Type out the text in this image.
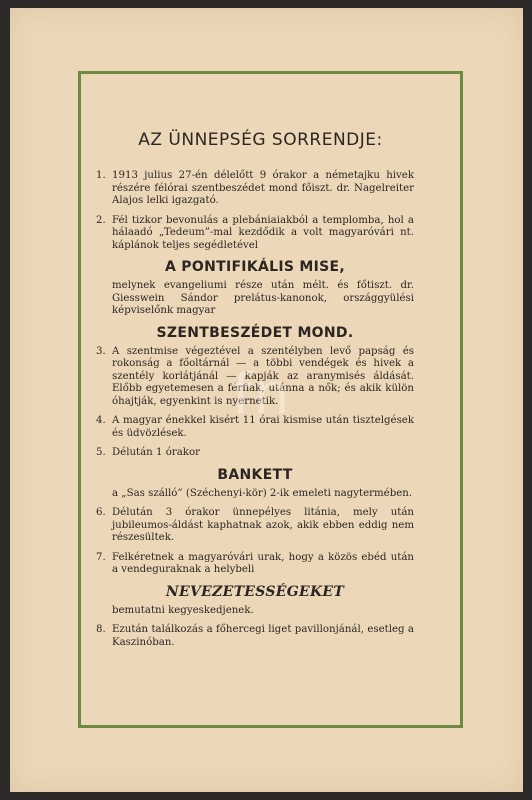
AZ ÜNNEPSÉG SORRENDJE:
1. 1913 julius 27-én délelőtt 9 órakor a németajku hivek részére félórai szentbeszédet mond főiszt. dr. Nagelreiter Alajos lelki igazgató.
2. Fél tizkor bevonulás a plebániaiakból a templomba, hol a hálaadó „Tedeum”-mal kezdődik a volt magyaróvári nt. káplánok teljes segédletével
A PONTIFIKÁLIS MISE,
melynek evangeliumi része után mélt. és főtiszt. dr. Giesswein Sándor prelátus-kanonok, országgyülési képviselőnk magyar
SZENTBESZÉDET MOND.
3. A szentmise végeztével a szentélyben levő papság és rokonság a főoltárnál — a többi vendégek és hivek a szentély korlátjánál — kapják az aranymisés áldását. Előbb egyetemesen a férfiak, utánna a nők; és akik külön óhajtják, egyenkint is nyernetik.
4. A magyar énekkel kisért 11 órai kismise után tisztelgések és üdvözlések.
5. Délután 1 órakor
BANKETT
a „Sas szálló” (Széchenyi-kör) 2-ik emeleti nagytermében.
6. Délután 3 órakor ünnepélyes litánia, mely után jubileumos-áldást kaphatnak azok, akik ebben eddig nem részesültek.
7. Felkéretnek a magyaróvári urak, hogy a közös ebéd után a vendeguraknak a helybeli
NEVEZETESSÉGEKET
bemutatni kegyeskedjenek.
8. Ezután találkozás a főhercegi liget pavillonjánál, esetleg a Kaszinóban.
fn
